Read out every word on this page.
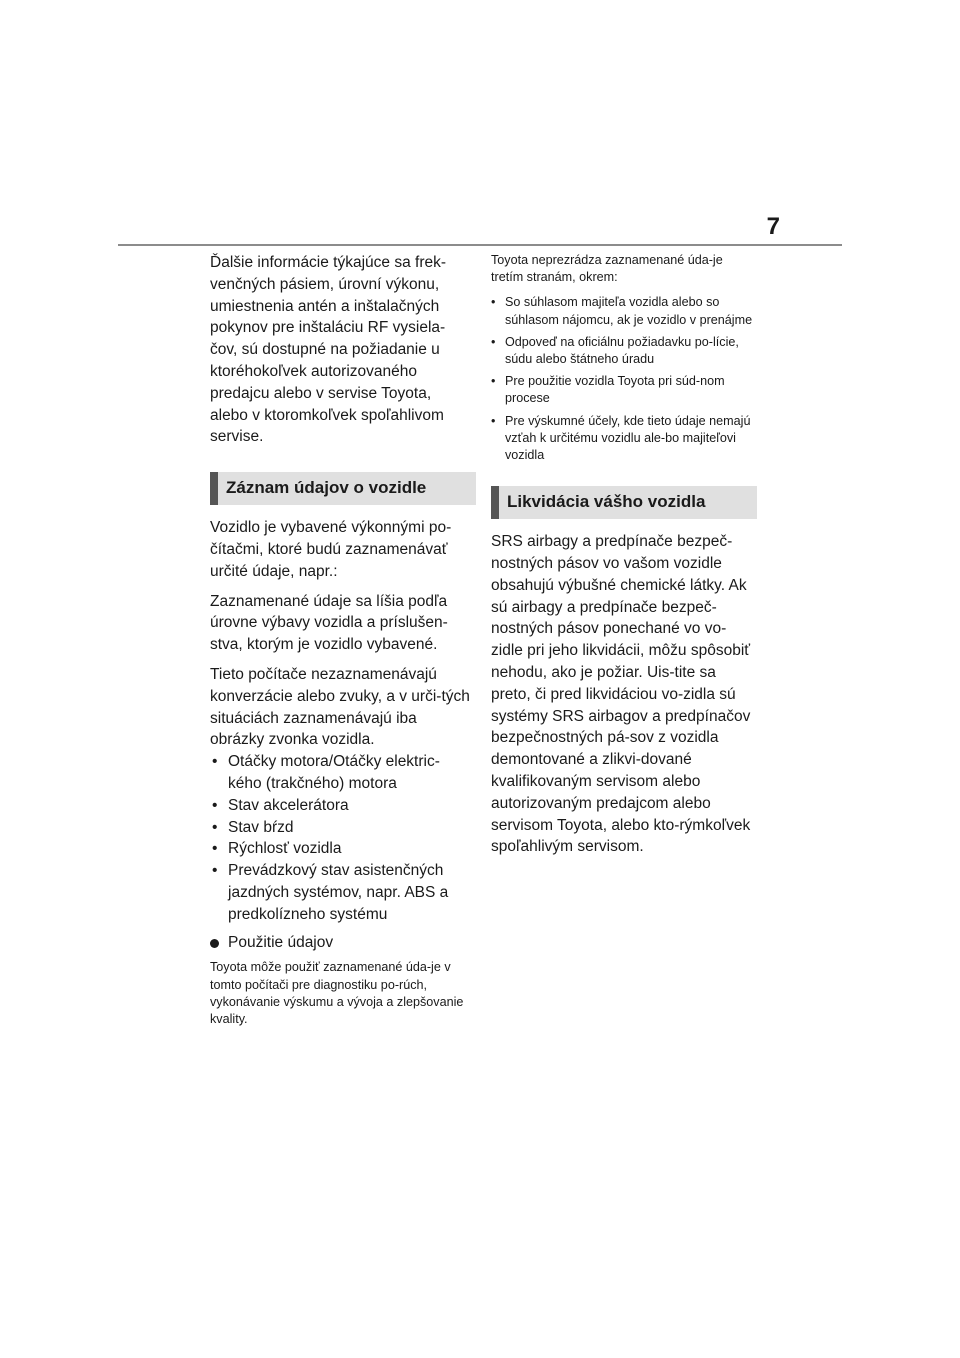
7

Ďalšie informácie týkajúce sa frek-venčných pásiem, úrovní výkonu, umiestnenia antén a inštalačných pokynov pre inštaláciu RF vysiela-čov, sú dostupné na požiadanie u ktoréhokoľvek autorizovaného predajcu alebo v servise Toyota, alebo v ktoromkoľvek spoľahlivom servise.

Záznam údajov o vozidle

Vozidlo je vybavené výkonnými po-čítačmi, ktoré budú zaznamenávať určité údaje, napr.:

Zaznamenané údaje sa líšia podľa úrovne výbavy vozidla a príslušen-stva, ktorým je vozidlo vybavené.

Tieto počítače nezaznamenávajú konverzácie alebo zvuky, a v urči-tých situáciách zaznamenávajú iba obrázky zvonka vozidla.

• Otáčky motora/Otáčky elektric-kého (trakčného) motora
• Stav akcelerátora
• Stav bŕzd
• Rýchlosť vozidla
• Prevádzkový stav asistenčných jazdných systémov, napr. ABS a predkolízneho systému
Použitie údajov

Toyota môže použiť zaznamenané úda-je v tomto počítači pre diagnostiku po-rúch, vykonávanie výskumu a vývoja a zlepšovanie kvality.

Toyota neprezrádza zaznamenané úda-je tretím stranám, okrem:

• So súhlasom majiteľa vozidla alebo so súhlasom nájomcu, ak je vozidlo v prenájme
• Odpoveď na oficiálnu požiadavku po-lície, súdu alebo štátneho úradu
• Pre použitie vozidla Toyota pri súd-nom procese
• Pre výskumné účely, kde tieto údaje nemajú vzťah k určitému vozidlu ale-bo majiteľovi vozidla
Likvidácia vášho vozidla

SRS airbagy a predpínače bezpeč-nostných pásov vo vašom vozidle obsahujú výbušné chemické látky. Ak sú airbagy a predpínače bezpeč-nostných pásov ponechané vo vo-zidle pri jeho likvidácii, môžu spôsobiť nehodu, ako je požiar. Uis-tite sa preto, či pred likvidáciou vo-zidla sú systémy SRS airbagov a predpínačov bezpečnostných pá-sov z vozidla demontované a zlikvi-dované kvalifikovaným servisom alebo autorizovaným predajcom alebo servisom Toyota, alebo kto-rýmkoľvek spoľahlivým servisom.
